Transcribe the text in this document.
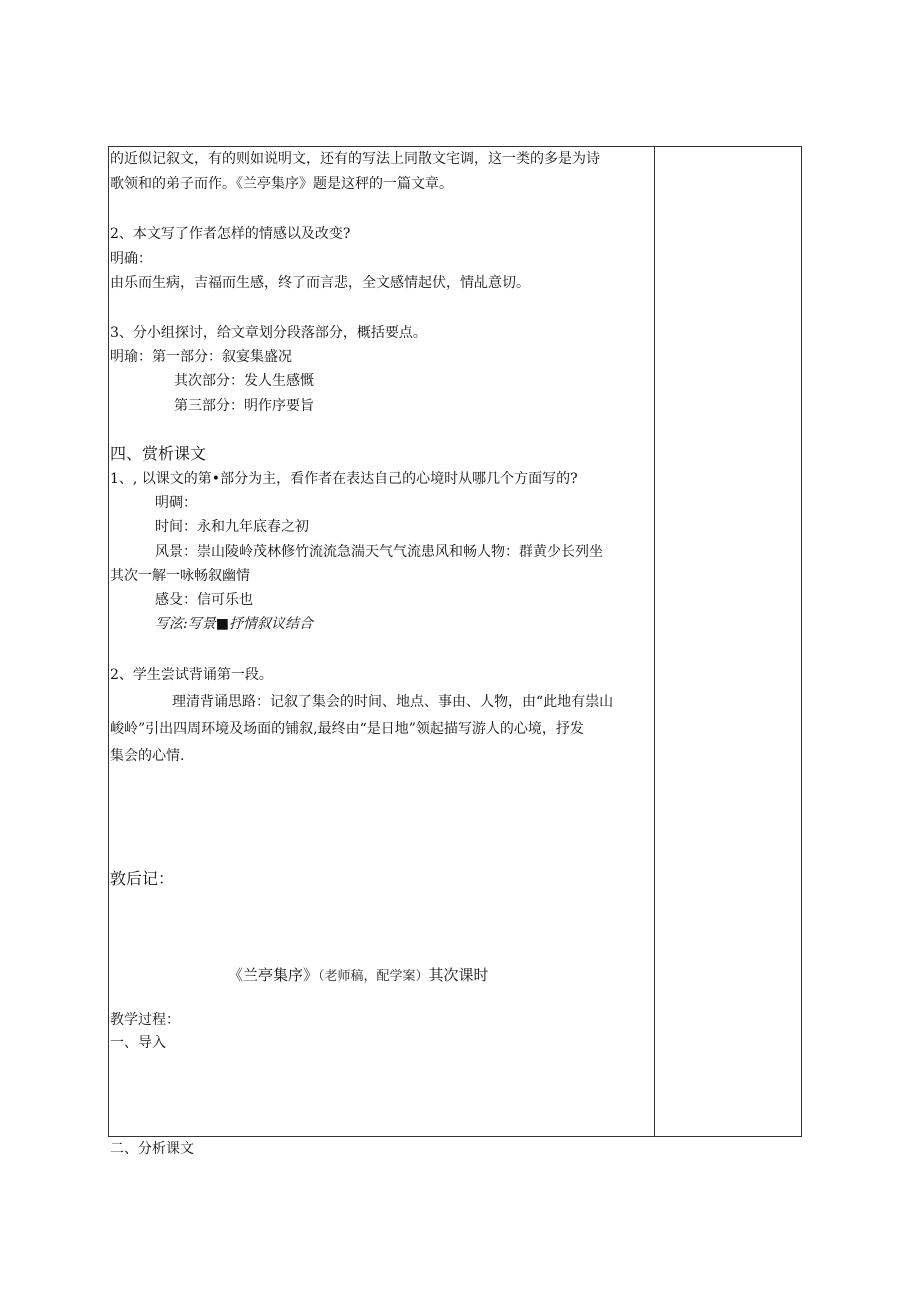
的近似记叙文，有的则如说明文，还有的写法上同散文宅调，这一类的多是为诗
歌领和的弟子而作。《兰亭集序》题是这秤的一篇文章。
2、本文写了作者怎样的情感以及改变?
明确：
由乐而生病，吉福而生感，终了而言悲，全文感情起伏，情乩意切。
3、分小组探讨，给文章划分段落部分，概括要点。
明瑜：第一部分：叙宴集盛况
其次部分：发人生感慨
第三部分：明作序要旨
四、赏析课文
1、, 以课文的第•部分为主，看作者在表达自己的心境时从哪几个方面写的?
明碉：
时间：永和九年底春之初
风景：崇山陵岭茂林修竹流流急湍天气气流患风和畅人物：群黄少长列坐
其次一解一咏畅叙幽情
感殳：信可乐也
写泫:写景■抒情叙议结合
2、学生尝试背诵第一段。
理清背诵思路：记叙了集会的时间、地点、事由、人物，由“此地有祟山
峻岭”引出四周环境及场面的铺叙,最终由“是日地”领起描写游人的心境，抒发
集会的心情.
敦后记：
《兰亭集序》（老师稿，配学案）其次课时
教学过程：
一、导入
二、分析课文
